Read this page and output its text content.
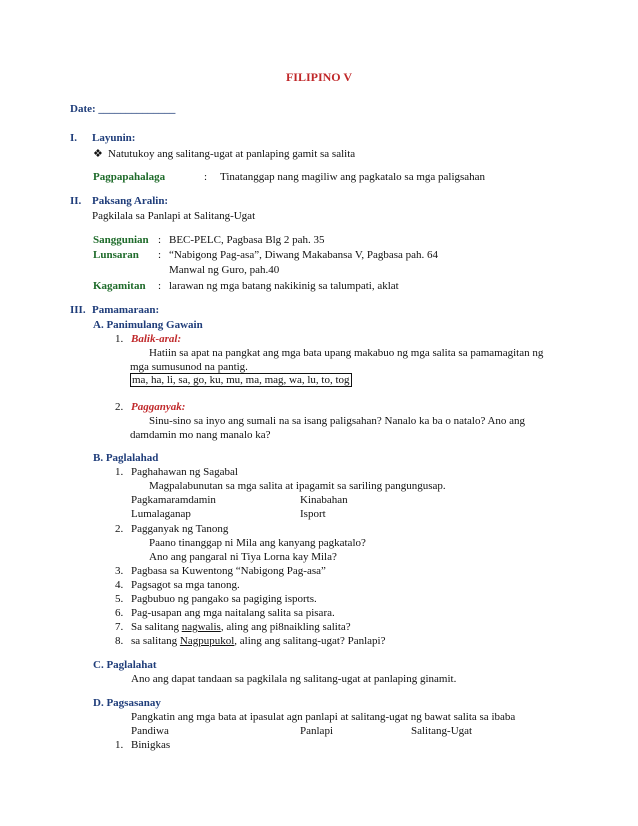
FILIPINO V
Date: ______________
I. Layunin:
❖ Natutukoy ang salitang-ugat at panlaping gamit sa salita
Pagpapahalaga	: Tinatanggap nang magiliw ang pagkatalo sa mga paligsahan
II. Paksang Aralin:
Pagkilala sa Panlapi at Salitang-Ugat
Sanggunian : BEC-PELC, Pagbasa Blg 2 pah. 35
Lunsaran : “Nabigong Pag-asa”, Diwang Makabansa V, Pagbasa pah. 64
Manwal ng Guro, pah.40
Kagamitan : larawan ng mga batang nakikinig sa talumpati, aklat
III. Pamamaraan:
A. Panimulang Gawain
1. Balik-aral:
Hatiin sa apat na pangkat ang mga bata upang makabuo ng mga salita sa pamamagitan ng
mga sumusunod na pantig.
ma, ha, li, sa, go, ku, mu, ma, mag, wa, lu, to, tog
2. Pagganyak:
Sinu-sino sa inyo ang sumali na sa isang paligsahan? Nanalo ka ba o natalo? Ano ang
damdamin mo nang manalo ka?
B. Paglalahad
1. Paghahawan ng Sagabal
Magpalabunutan sa mga salita at ipagamit sa sariling pangungusap.
Pagkamaramdamin	Kinabahan
Lumalaganap	Isport
2. Pagganyak ng Tanong
Paano tinanggap ni Mila ang kanyang pagkatalo?
Ano ang pangaral ni Tiya Lorna kay Mila?
3. Pagbasa sa Kuwentong “Nabigong Pag-asa”
4. Pagsagot sa mga tanong.
5. Pagbubuo ng pangako sa pagiging isports.
6. Pag-usapan ang mga naitalang salita sa pisara.
7. Sa salitang nagwalis, aling ang pi8naikling salita?
8. sa salitang Nagpupukol, aling ang salitang-ugat? Panlapi?
C. Paglalahat
Ano ang dapat tandaan sa pagkilala ng salitang-ugat at panlaping ginamit.
D. Pagsasanay
Pangkatin ang mga bata at ipasulat agn panlapi at salitang-ugat ng bawat salita sa ibaba
Pandiwa	Panlapi	Salitang-Ugat
1. Binigkas
